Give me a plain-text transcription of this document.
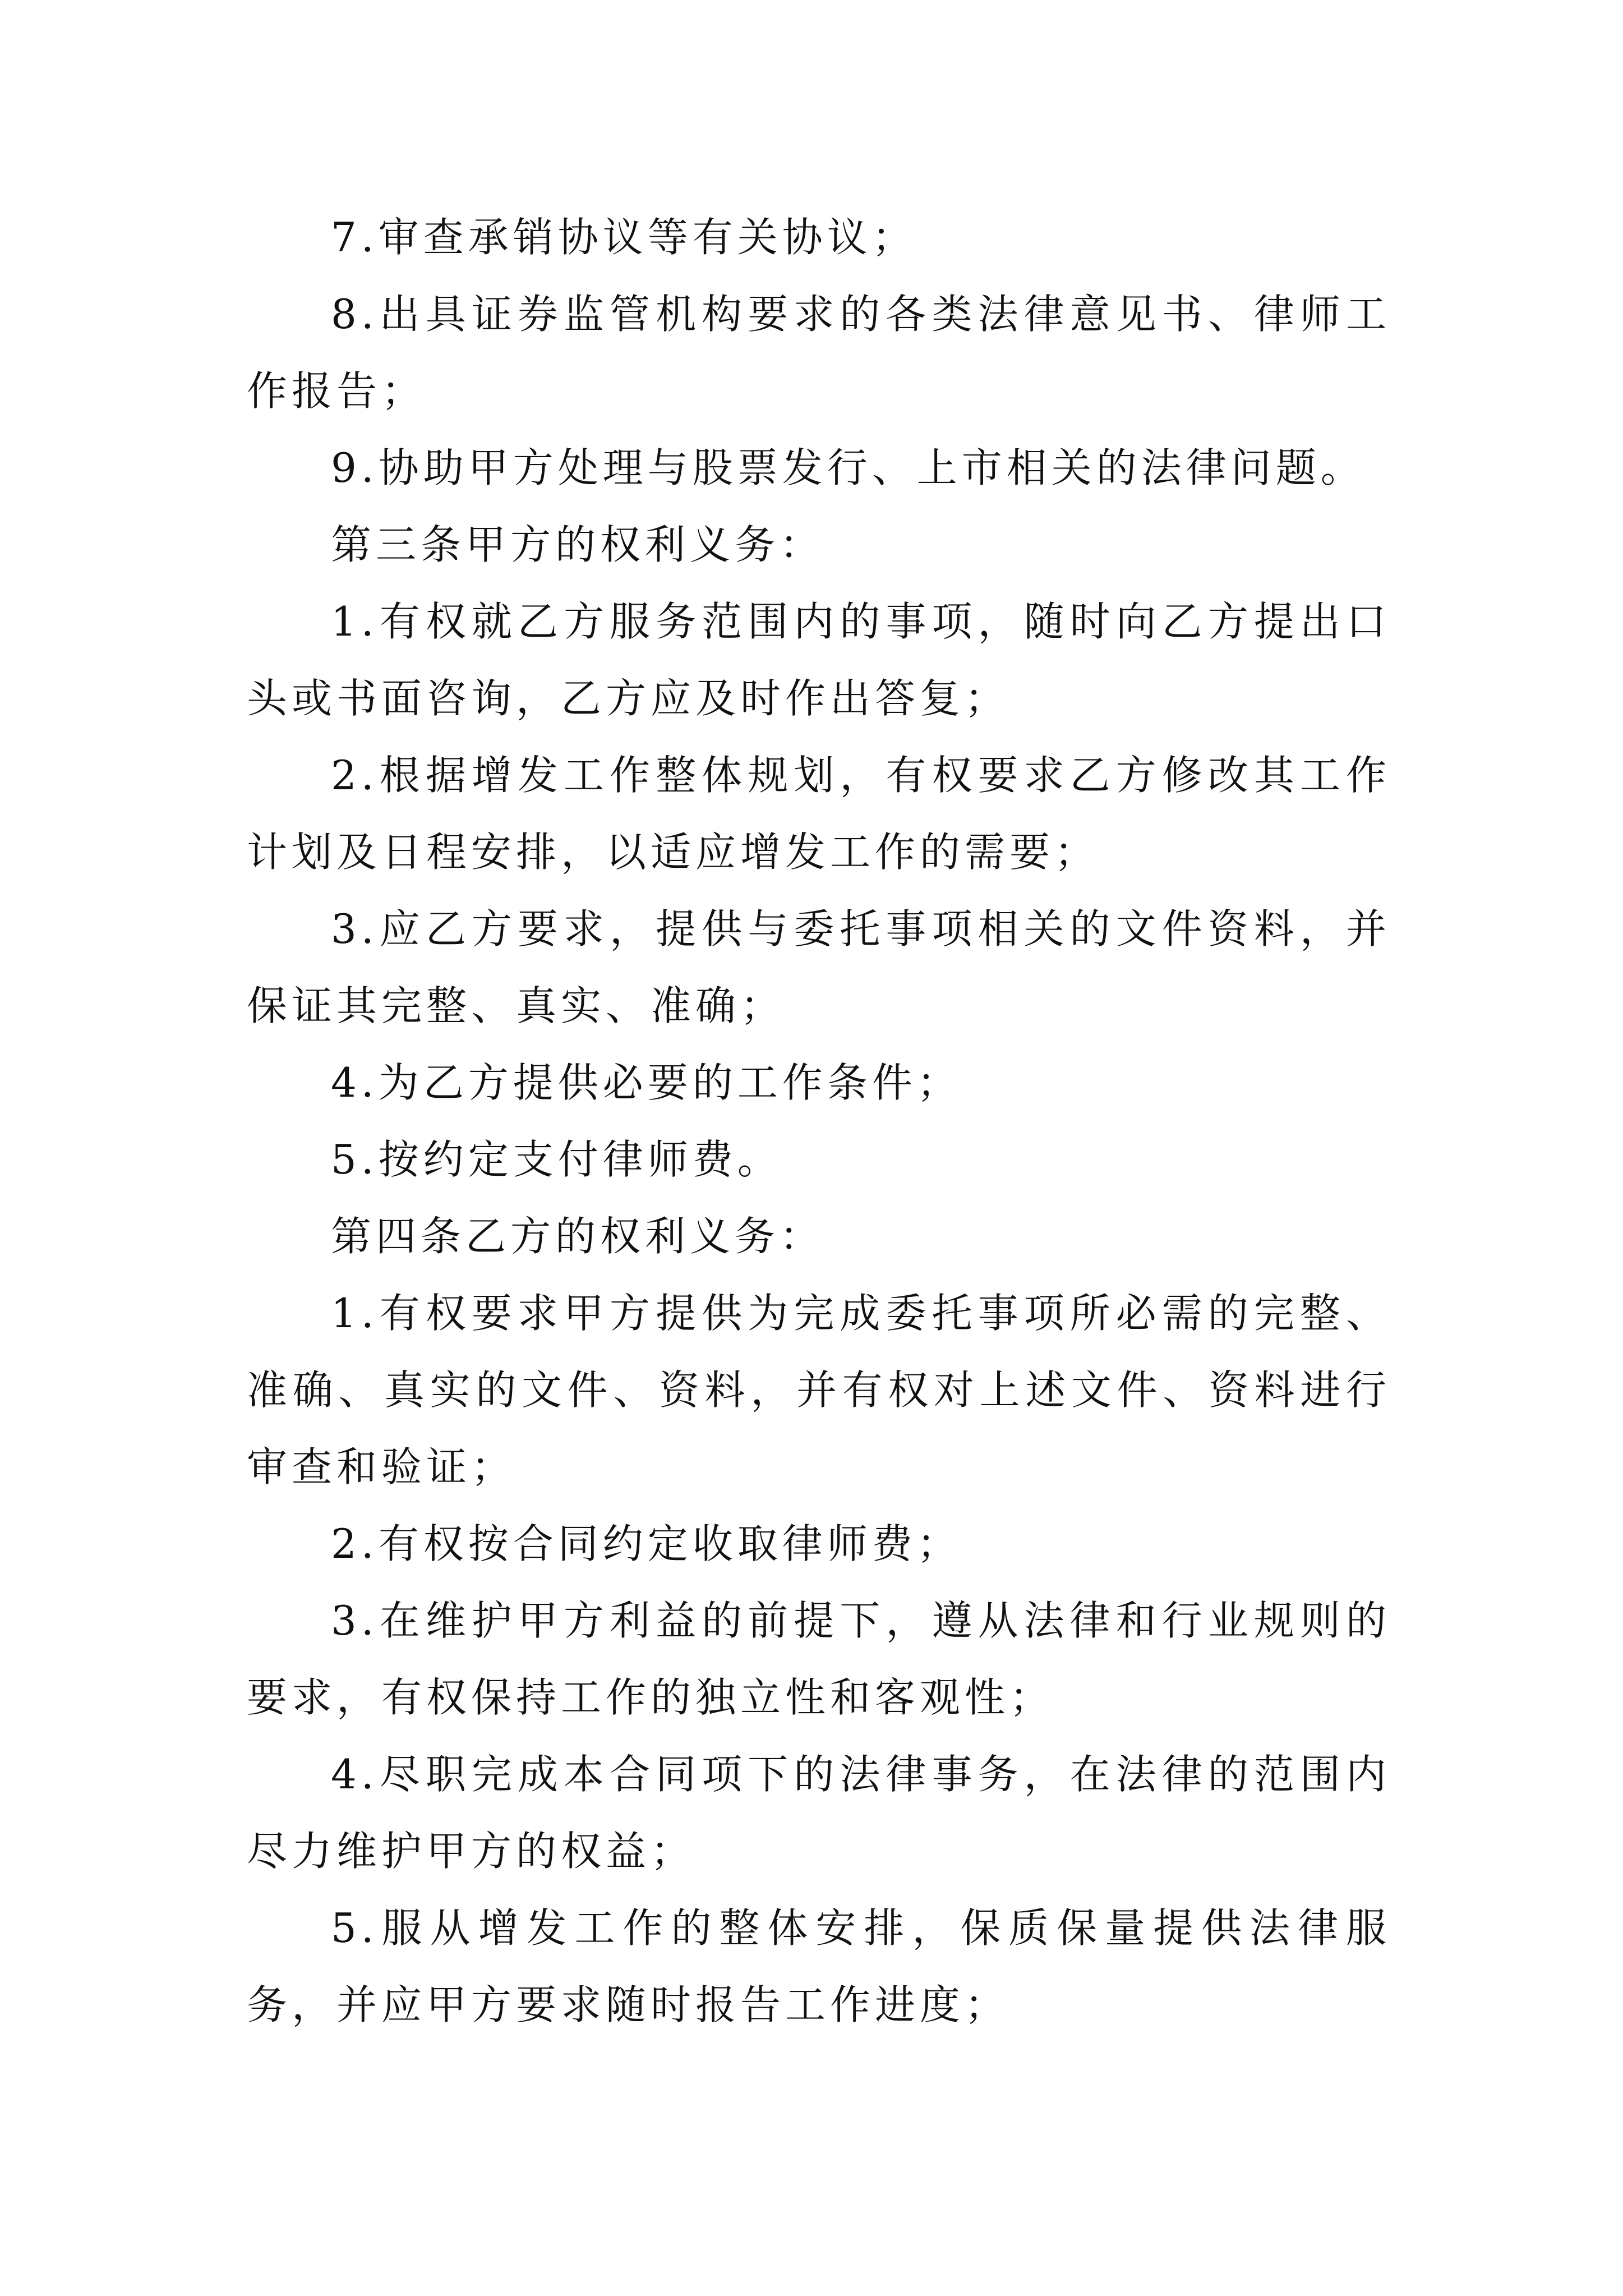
7.审查承销协议等有关协议；

8.出具证券监管机构要求的各类法律意见书、律师工作报告；

9.协助甲方处理与股票发行、上市相关的法律问题。

第三条甲方的权利义务：

1.有权就乙方服务范围内的事项，随时向乙方提出口头或书面咨询，乙方应及时作出答复；

2.根据增发工作整体规划，有权要求乙方修改其工作计划及日程安排，以适应增发工作的需要；

3.应乙方要求，提供与委托事项相关的文件资料，并保证其完整、真实、准确；

4.为乙方提供必要的工作条件；

5.按约定支付律师费。

第四条乙方的权利义务：

1.有权要求甲方提供为完成委托事项所必需的完整、准确、真实的文件、资料，并有权对上述文件、资料进行审查和验证；

2.有权按合同约定收取律师费；

3.在维护甲方利益的前提下，遵从法律和行业规则的要求，有权保持工作的独立性和客观性；

4.尽职完成本合同项下的法律事务，在法律的范围内尽力维护甲方的权益；

5.服从增发工作的整体安排，保质保量提供法律服务，并应甲方要求随时报告工作进度；
